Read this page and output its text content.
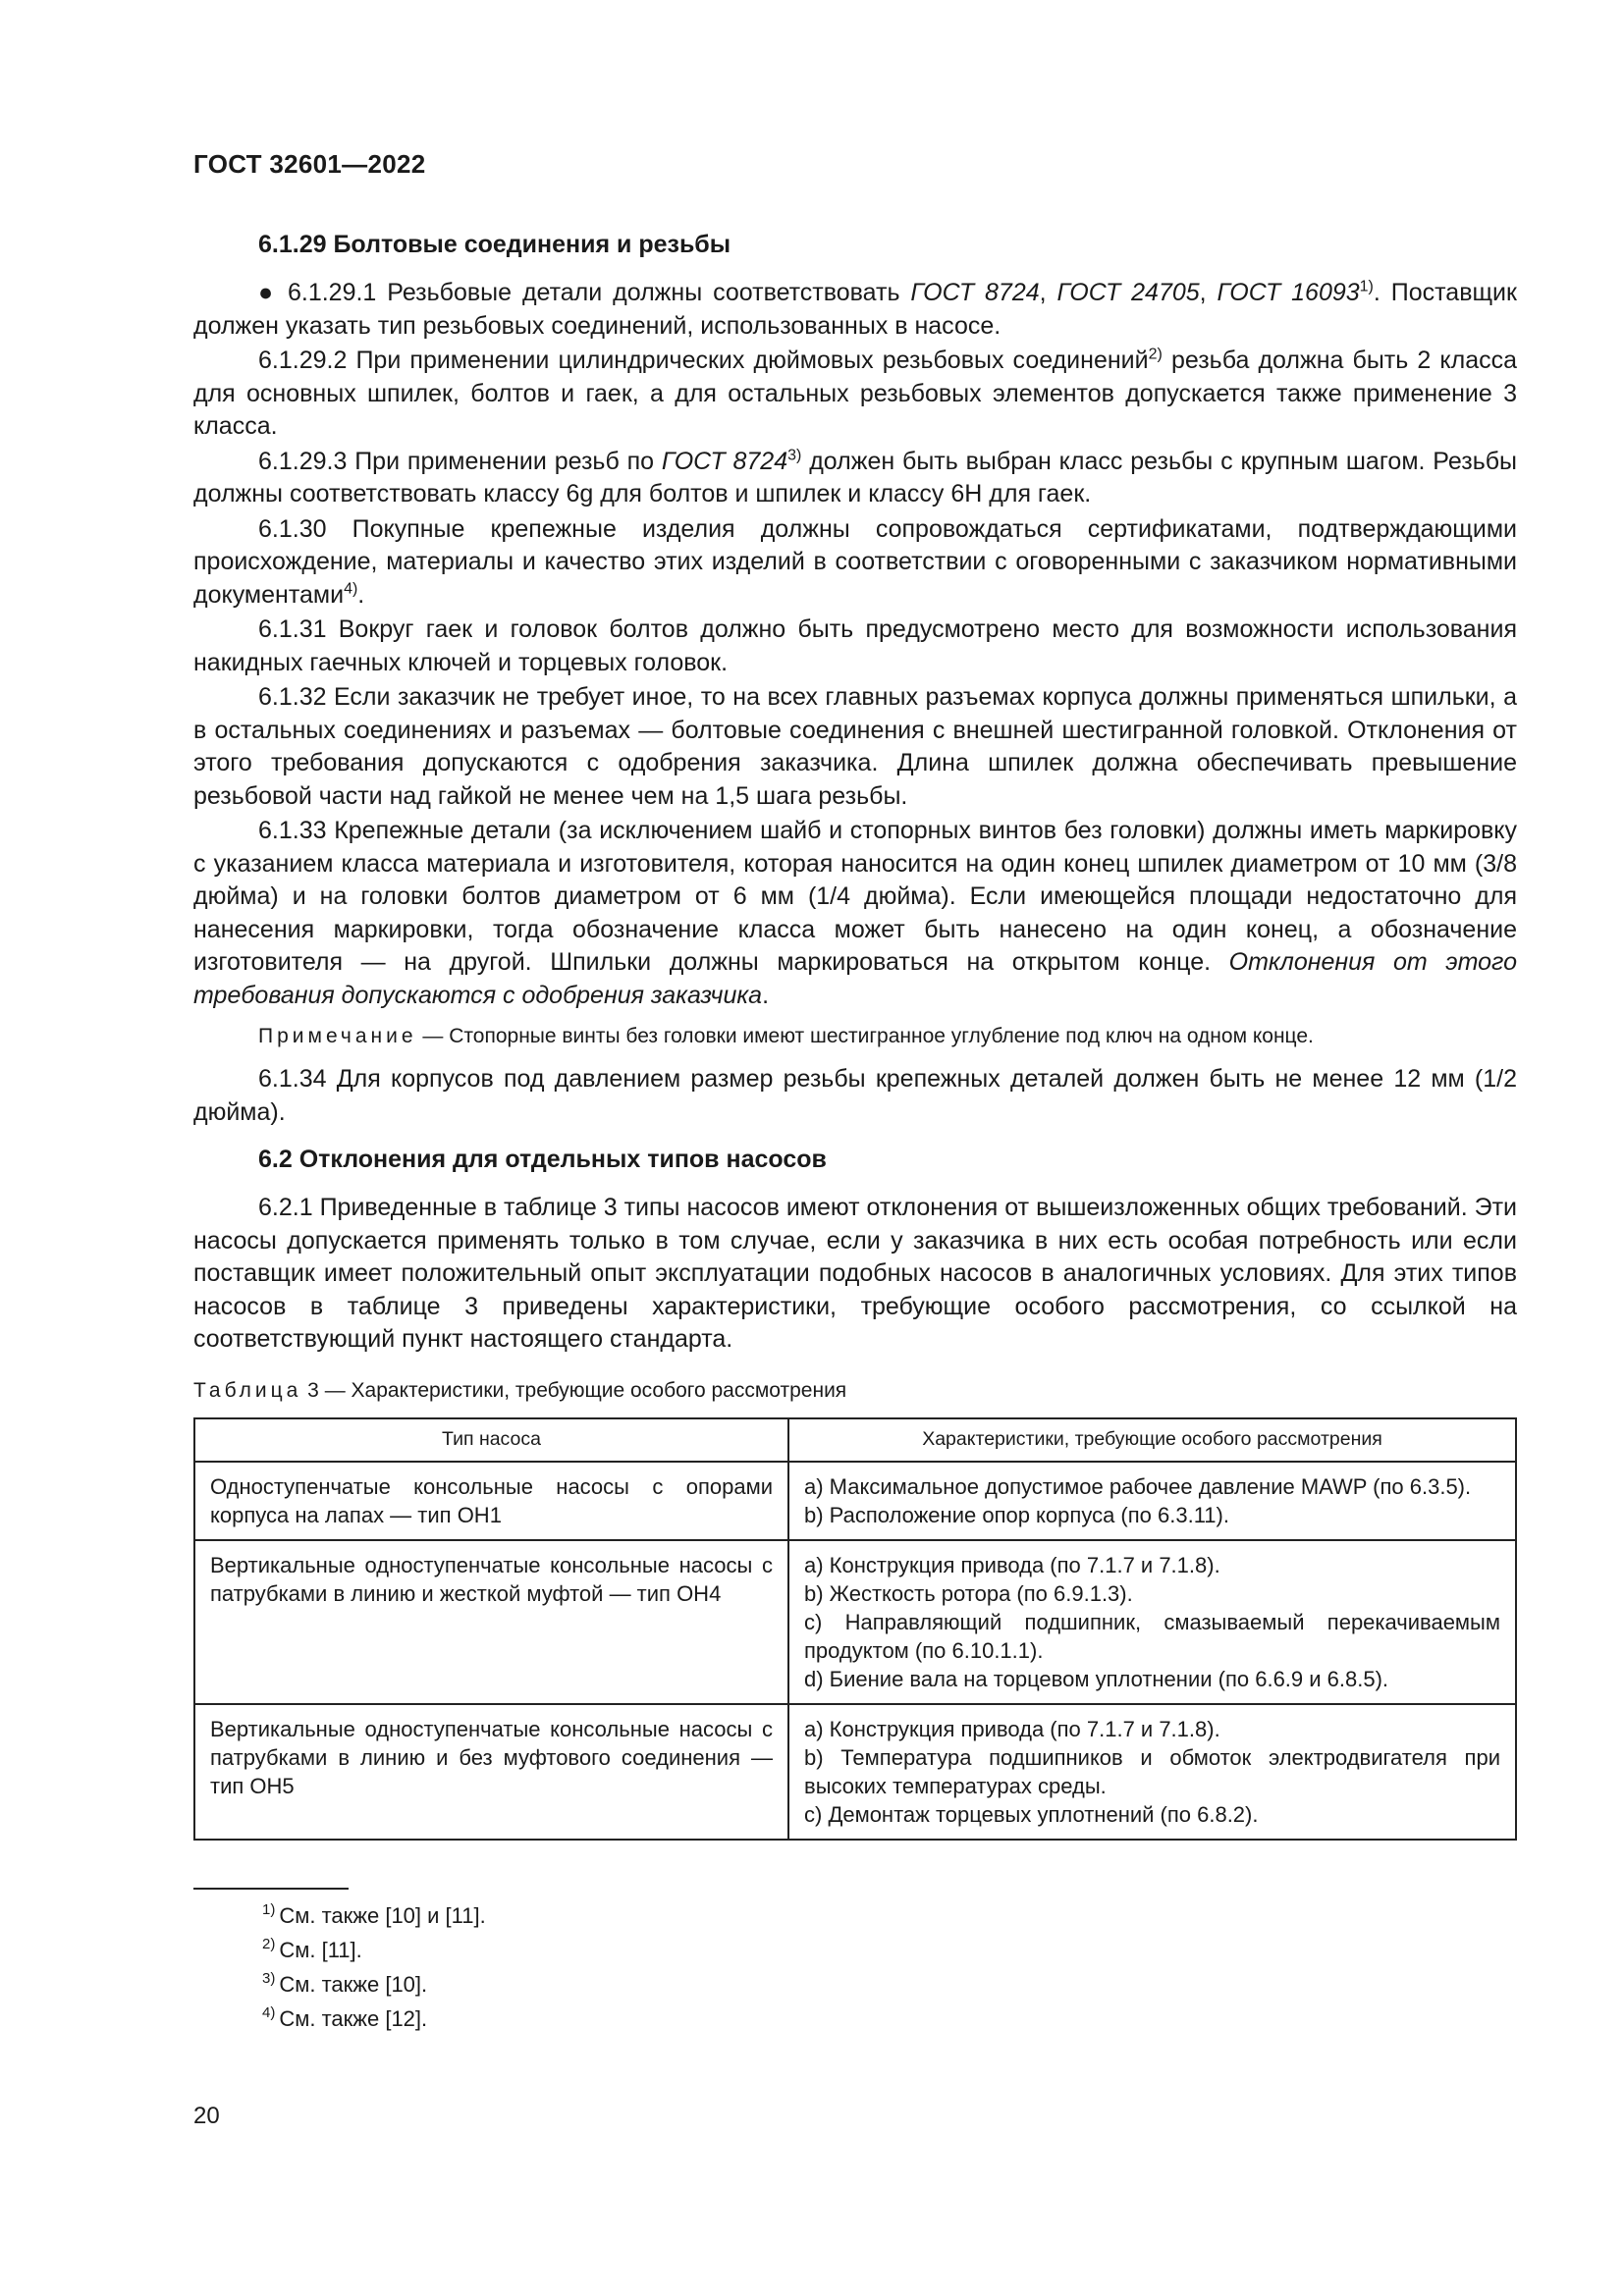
ГОСТ 32601—2022
6.1.29 Болтовые соединения и резьбы

● 6.1.29.1 Резьбовые детали должны соответствовать ГОСТ 8724, ГОСТ 24705, ГОСТ 16093$^{1)}$. Поставщик должен указать тип резьбовых соединений, использованных в насосе.

6.1.29.2 При применении цилиндрических дюймовых резьбовых соединений$^{2)}$ резьба должна быть 2 класса для основных шпилек, болтов и гаек, а для остальных резьбовых элементов допускается также применение 3 класса.

6.1.29.3 При применении резьб по ГОСТ 8724$^{3)}$ должен быть выбран класс резьбы с крупным шагом. Резьбы должны соответствовать классу 6g для болтов и шпилек и классу 6H для гаек.

6.1.30 Покупные крепежные изделия должны сопровождаться сертификатами, подтверждающими происхождение, материалы и качество этих изделий в соответствии с оговоренными с заказчиком нормативными документами$^{4)}$.

6.1.31 Вокруг гаек и головок болтов должно быть предусмотрено место для возможности использования накидных гаечных ключей и торцевых головок.

6.1.32 Если заказчик не требует иное, то на всех главных разъемах корпуса должны применяться шпильки, а в остальных соединениях и разъемах — болтовые соединения с внешней шестигранной головкой. Отклонения от этого требования допускаются с одобрения заказчика. Длина шпилек должна обеспечивать превышение резьбовой части над гайкой не менее чем на 1,5 шага резьбы.

6.1.33 Крепежные детали (за исключением шайб и стопорных винтов без головки) должны иметь маркировку с указанием класса материала и изготовителя, которая наносится на один конец шпилек диаметром от 10 мм (3/8 дюйма) и на головки болтов диаметром от 6 мм (1/4 дюйма). Если имеющейся площади недостаточно для нанесения маркировки, тогда обозначение класса может быть нанесено на один конец, а обозначение изготовителя — на другой. Шпильки должны маркироваться на открытом конце. Отклонения от этого требования допускаются с одобрения заказчика.

Примечание — Стопорные винты без головки имеют шестигранное углубление под ключ на одном конце.

6.1.34 Для корпусов под давлением размер резьбы крепежных деталей должен быть не менее 12 мм (1/2 дюйма).

6.2 Отклонения для отдельных типов насосов

6.2.1 Приведенные в таблице 3 типы насосов имеют отклонения от вышеизложенных общих требований. Эти насосы допускается применять только в том случае, если у заказчика в них есть особая потребность или если поставщик имеет положительный опыт эксплуатации подобных насосов в аналогичных условиях. Для этих типов насосов в таблице 3 приведены характеристики, требующие особого рассмотрения, со ссылкой на соответствующий пункт настоящего стандарта.

Таблица 3 — Характеристики, требующие особого рассмотрения
Тип насоса	Характеристики, требующие особого рассмотрения
Одноступенчатые консольные насосы с опорами корпуса на лапах — тип ОН1	a) Максимальное допустимое рабочее давление MAWP (по 6.3.5).
b) Расположение опор корпуса (по 6.3.11).

Вертикальные одноступенчатые консольные насосы с патрубками в линию и жесткой муфтой — тип ОН4	a) Конструкция привода (по 7.1.7 и 7.1.8).
b) Жесткость ротора (по 6.9.1.3).
c) Направляющий подшипник, смазываемый перекачиваемым продуктом (по 6.10.1.1).
d) Биение вала на торцевом уплотнении (по 6.6.9 и 6.8.5).

Вертикальные одноступенчатые консольные насосы с патрубками в линию и без муфтового соединения — тип ОН5	a) Конструкция привода (по 7.1.7 и 7.1.8).
b) Температура подшипников и обмоток электродвигателя при высоких температурах среды.
c) Демонтаж торцевых уплотнений (по 6.8.2).

$^{1)}$ См. также [10] и [11].

$^{2)}$ См. [11].

$^{3)}$ См. также [10].

$^{4)}$ См. также [12].

20
